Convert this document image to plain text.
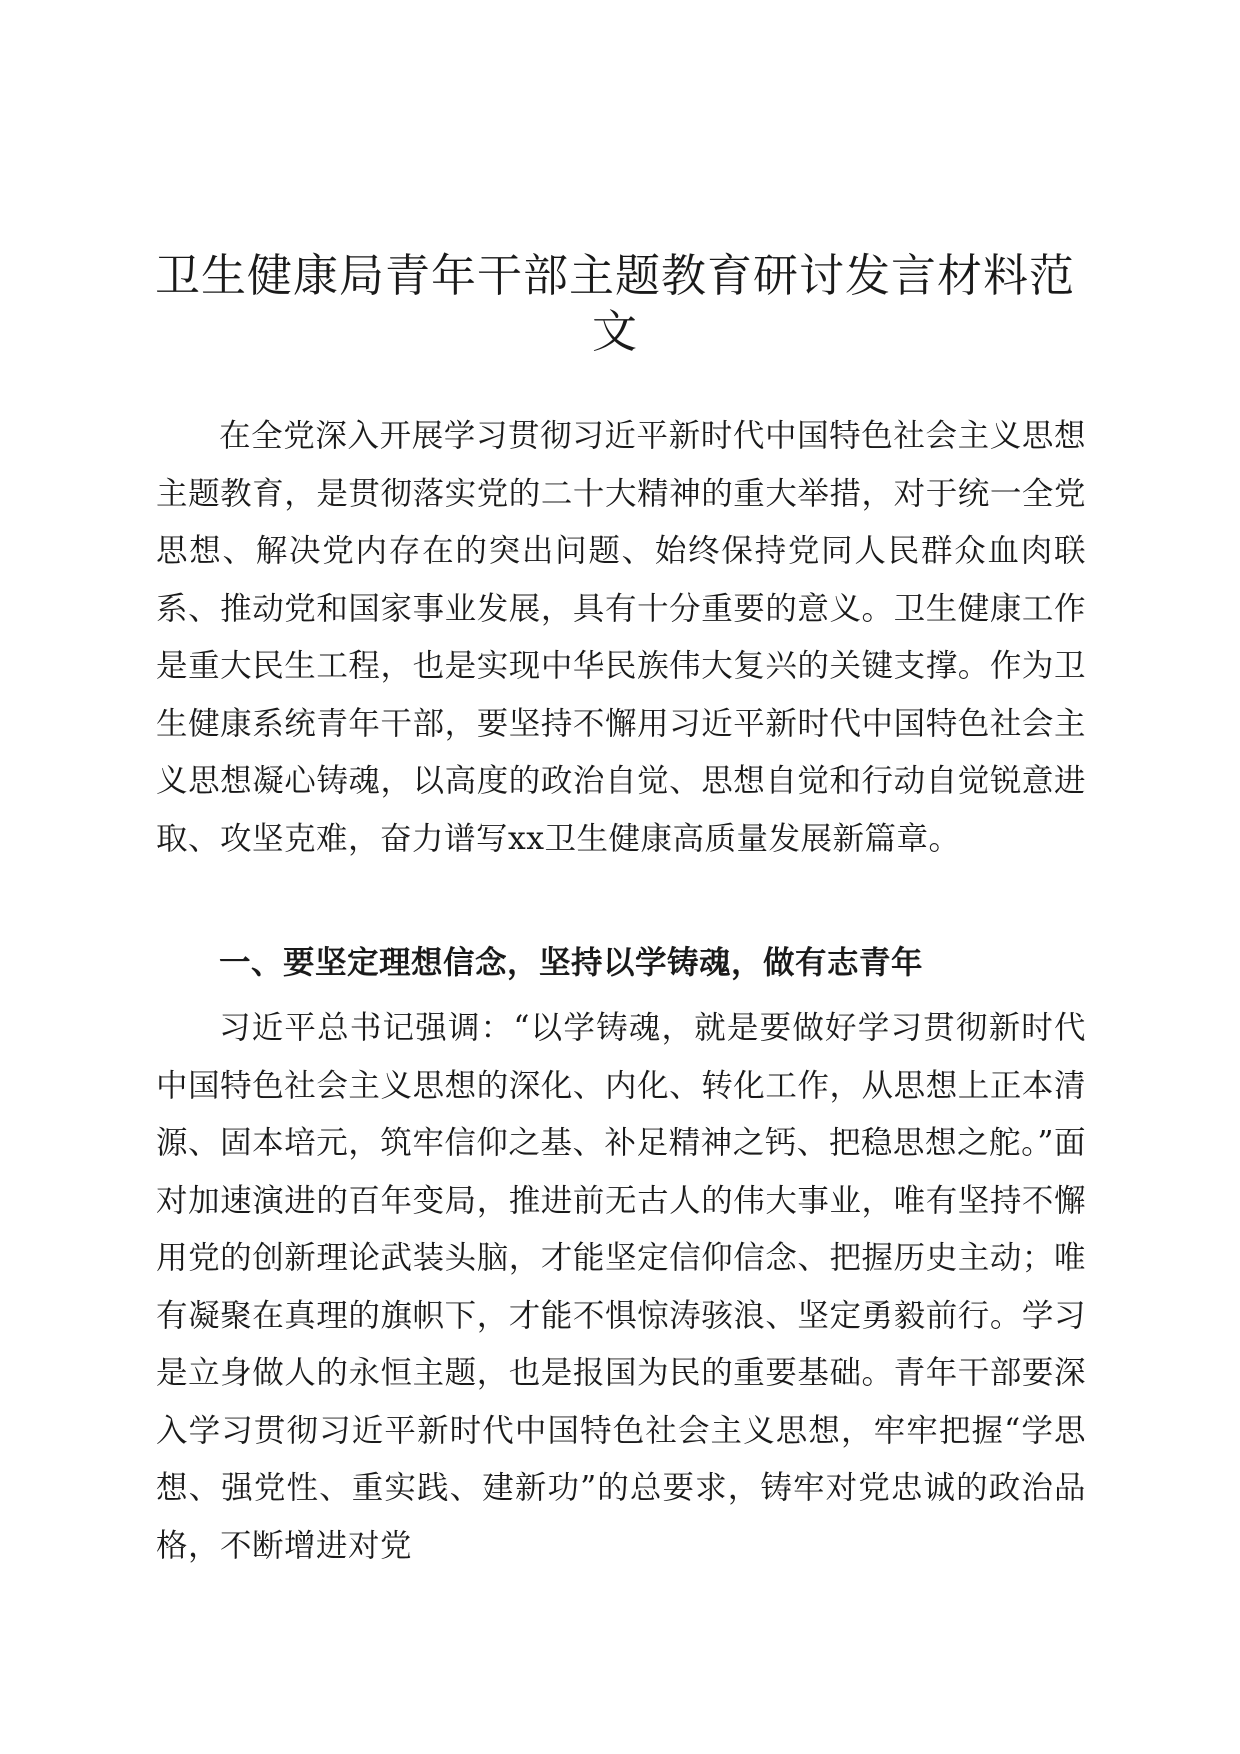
卫生健康局青年干部主题教育研讨发言材料范文

在全党深入开展学习贯彻习近平新时代中国特色社会主义思想主题教育，是贯彻落实党的二十大精神的重大举措，对于统一全党思想、解决党内存在的突出问题、始终保持党同人民群众血肉联系、推动党和国家事业发展，具有十分重要的意义。卫生健康工作是重大民生工程，也是实现中华民族伟大复兴的关键支撑。作为卫生健康系统青年干部，要坚持不懈用习近平新时代中国特色社会主义思想凝心铸魂，以高度的政治自觉、思想自觉和行动自觉锐意进取、攻坚克难，奋力谱写xx卫生健康高质量发展新篇章。

一、要坚定理想信念，坚持以学铸魂，做有志青年

习近平总书记强调：“以学铸魂，就是要做好学习贯彻新时代中国特色社会主义思想的深化、内化、转化工作，从思想上正本清源、固本培元，筑牢信仰之基、补足精神之钙、把稳思想之舵。”面对加速演进的百年变局，推进前无古人的伟大事业，唯有坚持不懈用党的创新理论武装头脑，才能坚定信仰信念、把握历史主动；唯有凝聚在真理的旗帜下，才能不惧惊涛骇浪、坚定勇毅前行。学习是立身做人的永恒主题，也是报国为民的重要基础。青年干部要深入学习贯彻习近平新时代中国特色社会主义思想，牢牢把握“学思想、强党性、重实践、建新功”的总要求，铸牢对党忠诚的政治品格，不断增进对党
